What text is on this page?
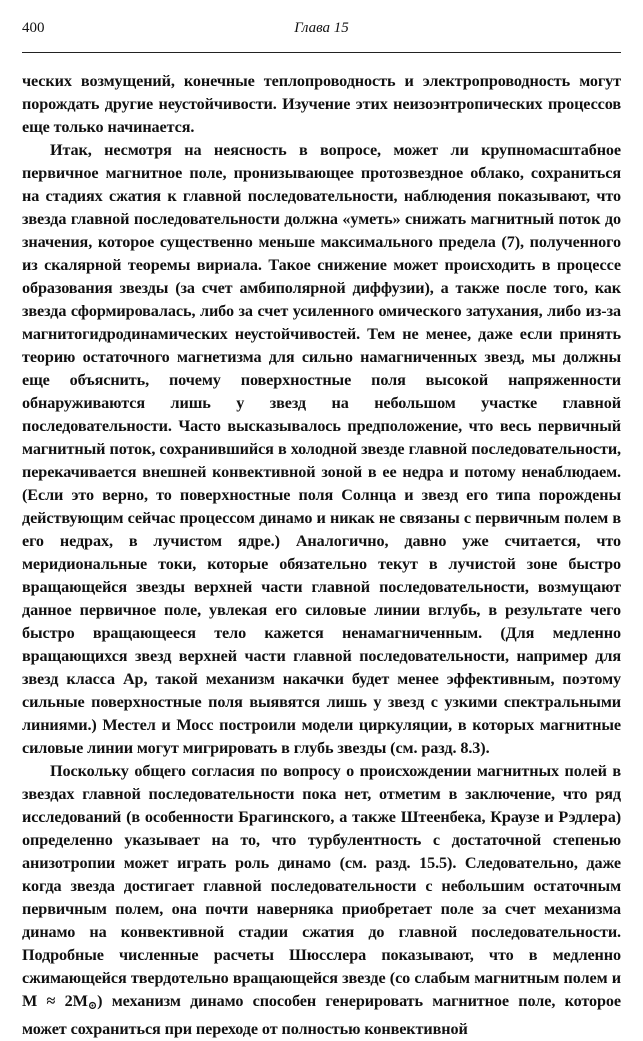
400	Глава 15

ческих возмущений, конечные теплопроводность и электропроводность могут порождать другие неустойчивости. Изучение этих неизоэнтропических процессов еще только начинается.

Итак, несмотря на неясность в вопросе, может ли крупномасштабное первичное магнитное поле, пронизывающее протозвездное облако, сохраниться на стадиях сжатия к главной последовательности, наблюдения показывают, что звезда главной последовательности должна «уметь» снижать магнитный поток до значения, которое существенно меньше максимального предела (7), полученного из скалярной теоремы вириала. Такое снижение может происходить в процессе образования звезды (за счет амбиполярной диффузии), а также после того, как звезда сформировалась, либо за счет усиленного омического затухания, либо из-за магнитогидродинамических неустойчивостей. Тем не менее, даже если принять теорию остаточного магнетизма для сильно намагниченных звезд, мы должны еще объяснить, почему поверхностные поля высокой напряженности обнаруживаются лишь у звезд на небольшом участке главной последовательности. Часто высказывалось предположение, что весь первичный магнитный поток, сохранившийся в холодной звезде главной последовательности, перекачивается внешней конвективной зоной в ее недра и потому ненаблюдаем. (Если это верно, то поверхностные поля Солнца и звезд его типа порождены действующим сейчас процессом динамо и никак не связаны с первичным полем в его недрах, в лучистом ядре.) Аналогично, давно уже считается, что меридиональные токи, которые обязательно текут в лучистой зоне быстро вращающейся звезды верхней части главной последовательности, возмущают данное первичное поле, увлекая его силовые линии вглубь, в результате чего быстро вращающееся тело кажется ненамагниченным. (Для медленно вращающихся звезд верхней части главной последовательности, например для звезд класса Ap, такой механизм накачки будет менее эффективным, поэтому сильные поверхностные поля выявятся лишь у звезд с узкими спектральными линиями.) Местел и Мосс построили модели циркуляции, в которых магнитные силовые линии могут мигрировать в глубь звезды (см. разд. 8.3).

Поскольку общего согласия по вопросу о происхождении магнитных полей в звездах главной последовательности пока нет, отметим в заключение, что ряд исследований (в особенности Брагинского, а также Штеенбека, Краузе и Рэдлера) определенно указывает на то, что турбулентность с достаточной степенью анизотропии может играть роль динамо (см. разд. 15.5). Следовательно, даже когда звезда достигает главной последовательности с небольшим остаточным первичным полем, она почти наверняка приобретает поле за счет механизма динамо на конвективной стадии сжатия до главной последовательности. Подробные численные расчеты Шюсслера показывают, что в медленно сжимающейся твердотельно вращающейся звезде (со слабым магнитным полем и $M \approx 2M_⊙$) механизм динамо способен генерировать магнитное поле, которое может сохраниться при переходе от полностью конвективной
